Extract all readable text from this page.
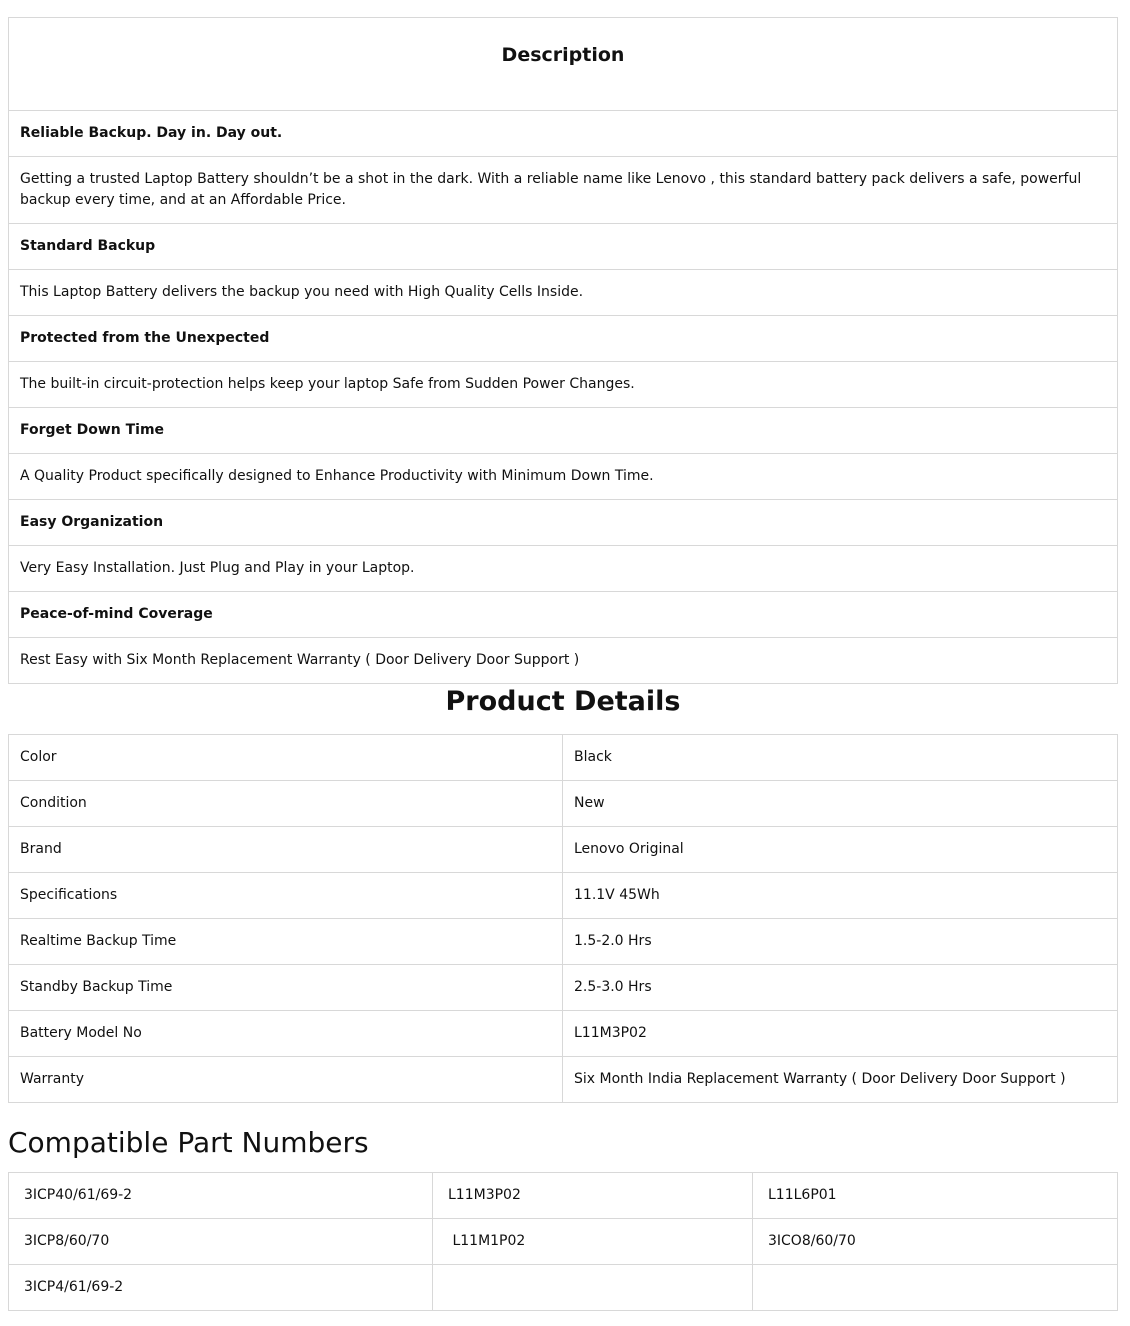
Description
Reliable Backup. Day in. Day out.
Getting a trusted Laptop Battery shouldn’t be a shot in the dark. With a reliable name like Lenovo , this standard battery pack delivers a safe, powerful backup every time, and at an Affordable Price.
Standard Backup
This Laptop Battery delivers the backup you need with High Quality Cells Inside.
Protected from the Unexpected
The built-in circuit-protection helps keep your laptop Safe from Sudden Power Changes.
Forget Down Time
A Quality Product specifically designed to Enhance Productivity with Minimum Down Time.
Easy Organization
Very Easy Installation. Just Plug and Play in your Laptop.
Peace-of-mind Coverage
Rest Easy with Six Month Replacement Warranty ( Door Delivery Door Support )
Product Details
Color	Black
Condition	New
Brand	Lenovo Original
Specifications	11.1V 45Wh
Realtime Backup Time	1.5-2.0 Hrs
Standby Backup Time	2.5-3.0 Hrs
Battery Model No	L11M3P02
Warranty	Six Month India Replacement Warranty ( Door Delivery Door Support )
Compatible Part Numbers
3ICP40/61/69-2	L11M3P02	L11L6P01
3ICP8/60/70	L11M1P02	3ICO8/60/70
3ICP4/61/69-2		
